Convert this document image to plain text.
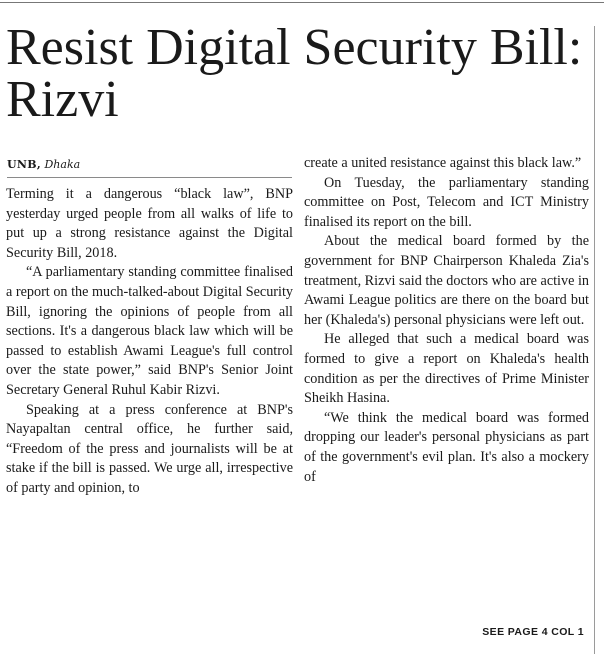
Resist Digital Security Bill: Rizvi
UNB, Dhaka

Terming it a dangerous “black law”, BNP yesterday urged people from all walks of life to put up a strong resistance against the Digital Security Bill, 2018.

“A parliamentary standing committee finalised a report on the much-talked-about Digital Security Bill, ignoring the opinions of people from all sections. It's a dangerous black law which will be passed to establish Awami League's full control over the state power,” said BNP's Senior Joint Secretary General Ruhul Kabir Rizvi.

Speaking at a press conference at BNP's Nayapaltan central office, he further said, “Freedom of the press and journalists will be at stake if the bill is passed. We urge all, irrespective of party and opinion, to

create a united resistance against this black law.”

On Tuesday, the parliamentary standing committee on Post, Telecom and ICT Ministry finalised its report on the bill.

About the medical board formed by the government for BNP Chairperson Khaleda Zia's treatment, Rizvi said the doctors who are active in Awami League politics are there on the board but her (Khaleda's) personal physicians were left out.

He alleged that such a medical board was formed to give a report on Khaleda's health condition as per the directives of Prime Minister Sheikh Hasina.

“We think the medical board was formed dropping our leader's personal physicians as part of the government's evil plan. It's also a mockery of

SEE PAGE 4 COL 1
